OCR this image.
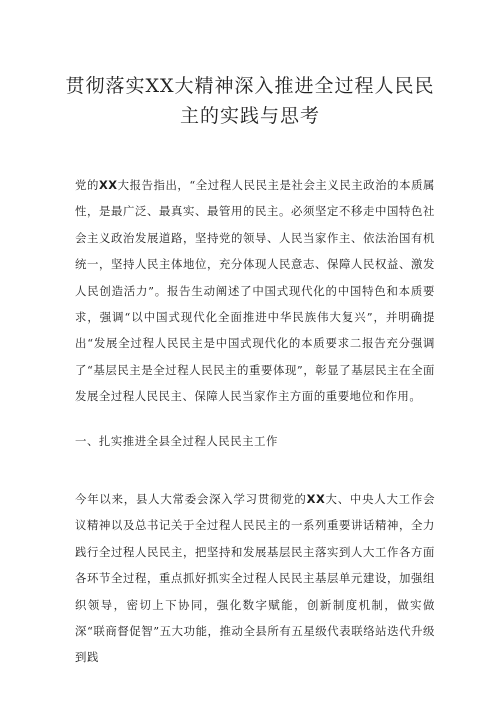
贯彻落实XX大精神深入推进全过程人民民
主的实践与思考

党的XX大报告指出，“全过程人民民主是社会主义民主政治的本质属性，是最广泛、最真实、最管用的民主。必须坚定不移走中国特色社会主义政治发展道路，坚持党的领导、人民当家作主、依法治国有机统一，坚持人民主体地位，充分体现人民意志、保障人民权益、激发人民创造活力”。报告生动阐述了中国式现代化的中国特色和本质要求，强调“以中国式现代化全面推进中华民族伟大复兴”，并明确提出“发展全过程人民民主是中国式现代化的本质要求二报告充分强调了“基层民主是全过程人民民主的重要体现”，彰显了基层民主在全面发展全过程人民民主、保障人民当家作主方面的重要地位和作用。

一、扎实推进全县全过程人民民主工作

今年以来，县人大常委会深入学习贯彻党的XX大、中央人大工作会议精神以及总书记关于全过程人民民主的一系列重要讲话精神，全力践行全过程人民民主，把坚持和发展基层民主落实到人大工作各方面各环节全过程，重点抓好抓实全过程人民民主基层单元建设，加强组织领导，密切上下协同，强化数字赋能，创新制度机制，做实做深“联商督促智”五大功能，推动全县所有五星级代表联络站迭代升级到践
